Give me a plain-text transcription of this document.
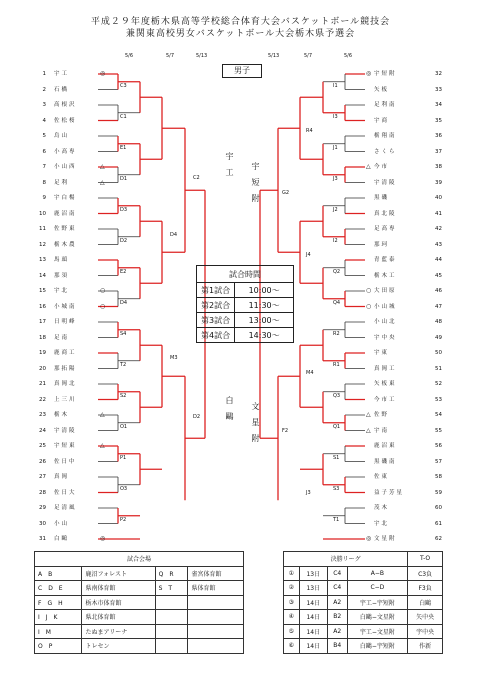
平成２９年度栃木県高等学校総合体育大会バスケットボール競技会
兼関東高校男女バスケットボール大会栃木県予選会
5/6	5/7	5/13	5/13	5/7	5/6
男子
1 宇工	◎
2 石橋
3 高根沢
4 佐松桜
5 烏山
6 小高専
7 小山西	△
8 足利	△
9 宇白楊
10 鹿沼南
11 佐野東
12 栃木農
13 馬頭
14 那須
15 宇北	○
16 小城南	○
17 日明峰
18 足南
19 鹿商工
20 那拓陽
21 真岡北
22 上三川
23 栃木	△
24 宇清陵
25 宇短東	△
26 佐日中
27 真岡
28 佐日大
29 足清風
30 小山
31 白鷗	◎
◎ 宇短附	32
矢板	33
足利南	34
宇商	35
栃翔南	36
さくら	37
△ 今市	38
宇清陵	39
黒磯	40
真北陵	41
足高専	42
那珂	43
青藍泰	44
栃木工	45
○ 大田原	46
○ 小山城	47
小山北	48
宇中央	49
宇東	50
真岡工	51
矢板東	52
今市工	53
△ 佐野	54
△ 宇南	55
鹿沼東	56
黒磯南	57
佐東	58
益子芳星	59
茂木	60
宇北	61
◎ 文星附	62
宇工 宇短附
白鷗 文星附
試合時間	
第1試合	10:00〜
第2試合	11:30〜
第3試合	13:00〜
第4試合	14:30〜
試合会場			
A　B	鹿沼フォレスト	Q　R	雀宮体育館
C　D　E	県南体育館	S　T	県体育館
F　G　H	栃木市体育館		
I　J　K	県北体育館		
I　M	たぬまアリーナ		
O　P	トレセン		
決勝リーグ				T-O
①	13日	C4	A−B	C3負
②	13日	C4	C−D	F3負
③	14日	A2	宇工−宇短附	白鷗
④	14日	B2	白鷗−文星附	矢中央
⑤	14日	A2	宇工−文星附	宇中央
⑥	14日	B4	白鷗−宇短附	作新
C3
C1
E1
D1
D3
D2
E2
D4
S4
T2
S2
O1
P1
O3
P2
I1
I3
J1
J3
J2
I2
Q2
Q4
R2
R1
Q3
Q1
S1
S3
T1
C2
D4
M3
D2
R4
J4
M4
J3
G2
F2
